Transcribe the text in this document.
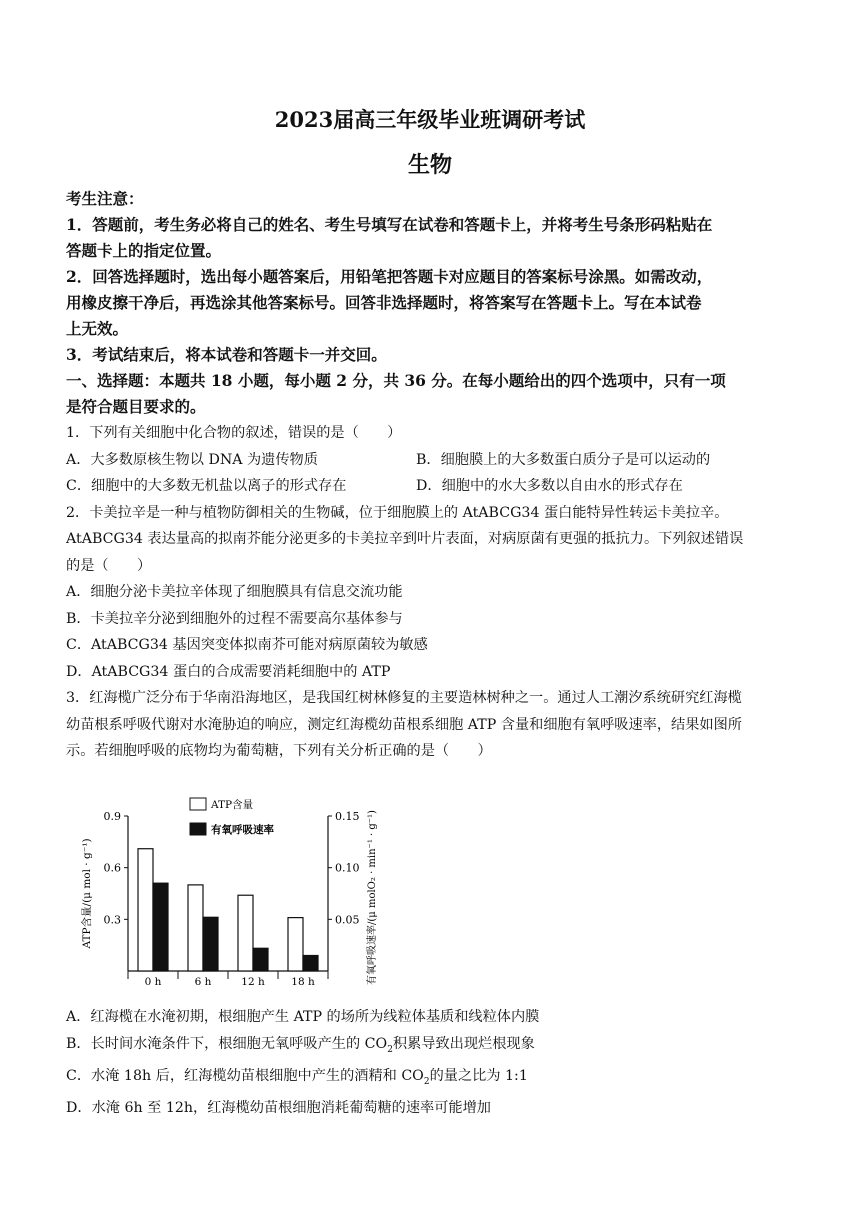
2023届高三年级毕业班调研考试
生物
考生注意：
1．答题前，考生务必将自己的姓名、考生号填写在试卷和答题卡上，并将考生号条形码粘贴在
答题卡上的指定位置。
2．回答选择题时，选出每小题答案后，用铅笔把答题卡对应题目的答案标号涂黑。如需改动，
用橡皮擦干净后，再选涂其他答案标号。回答非选择题时，将答案写在答题卡上。写在本试卷
上无效。
3．考试结束后，将本试卷和答题卡一并交回。
一、选择题：本题共 18 小题，每小题 2 分，共 36 分。在每小题给出的四个选项中，只有一项
是符合题目要求的。
1．下列有关细胞中化合物的叙述，错误的是（　　）
A．大多数原核生物以 DNA 为遗传物质	B．细胞膜上的大多数蛋白质分子是可以运动的
C．细胞中的大多数无机盐以离子的形式存在	D．细胞中的水大多数以自由水的形式存在
2．卡美拉辛是一种与植物防御相关的生物碱，位于细胞膜上的 AtABCG34 蛋白能特异性转运卡美拉辛。
AtABCG34 表达量高的拟南芥能分泌更多的卡美拉辛到叶片表面，对病原菌有更强的抵抗力。下列叙述错误
的是（　　）
A．细胞分泌卡美拉辛体现了细胞膜具有信息交流功能
B．卡美拉辛分泌到细胞外的过程不需要高尔基体参与
C．AtABCG34 基因突变体拟南芥可能对病原菌较为敏感
D．AtABCG34 蛋白的合成需要消耗细胞中的 ATP
3．红海榄广泛分布于华南沿海地区，是我国红树林修复的主要造林树种之一。通过人工潮汐系统研究红海榄
幼苗根系呼吸代谢对水淹胁迫的响应，测定红海榄幼苗根系细胞 ATP 含量和细胞有氧呼吸速率，结果如图所
示。若细胞呼吸的底物均为葡萄糖，下列有关分析正确的是（　　）
0.9
0.6
0.3
0.15
0.10
0.05
0 h	6 h	12 h	18 h
ATP含量
有氧呼吸速率
ATP含量/(μ mol · g⁻¹)	有氧呼吸速率/(μ molO₂ · min⁻¹ · g⁻¹)
A．红海榄在水淹初期，根细胞产生 ATP 的场所为线粒体基质和线粒体内膜
B．长时间水淹条件下，根细胞无氧呼吸产生的 $CO_2$积累导致出现烂根现象
C．水淹 18h 后，红海榄幼苗根细胞中产生的酒精和 $CO_2$的量之比为 1:1
D．水淹 6h 至 12h，红海榄幼苗根细胞消耗葡萄糖的速率可能增加
